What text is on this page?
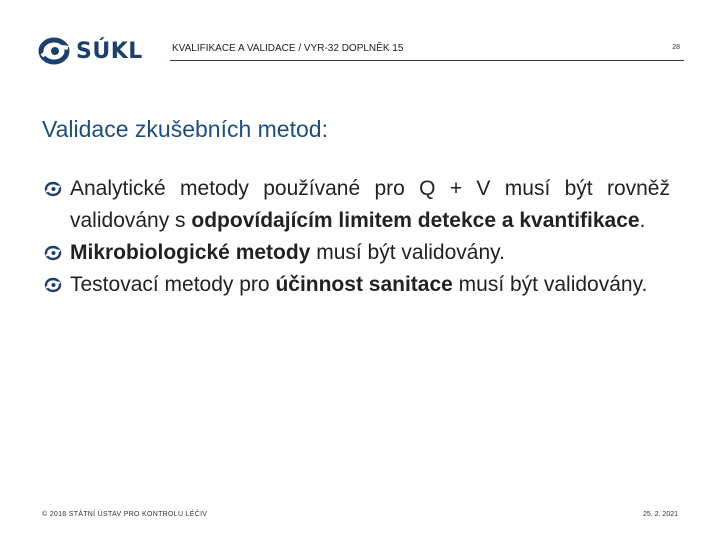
SÚKL	KVALIFIKACE A VALIDACE / VYR-32 DOPLNĚK 15	28
Validace zkušebních metod:
Analytické metody používané pro Q + V musí být rovněž validovány s odpovídajícím limitem detekce a kvantifikace.
Mikrobiologické metody musí být validovány.
Testovací metody pro účinnost sanitace musí být validovány.
© 2018 STÁTNÍ ÚSTAV PRO KONTROLU LÉČIV	25. 2. 2021
